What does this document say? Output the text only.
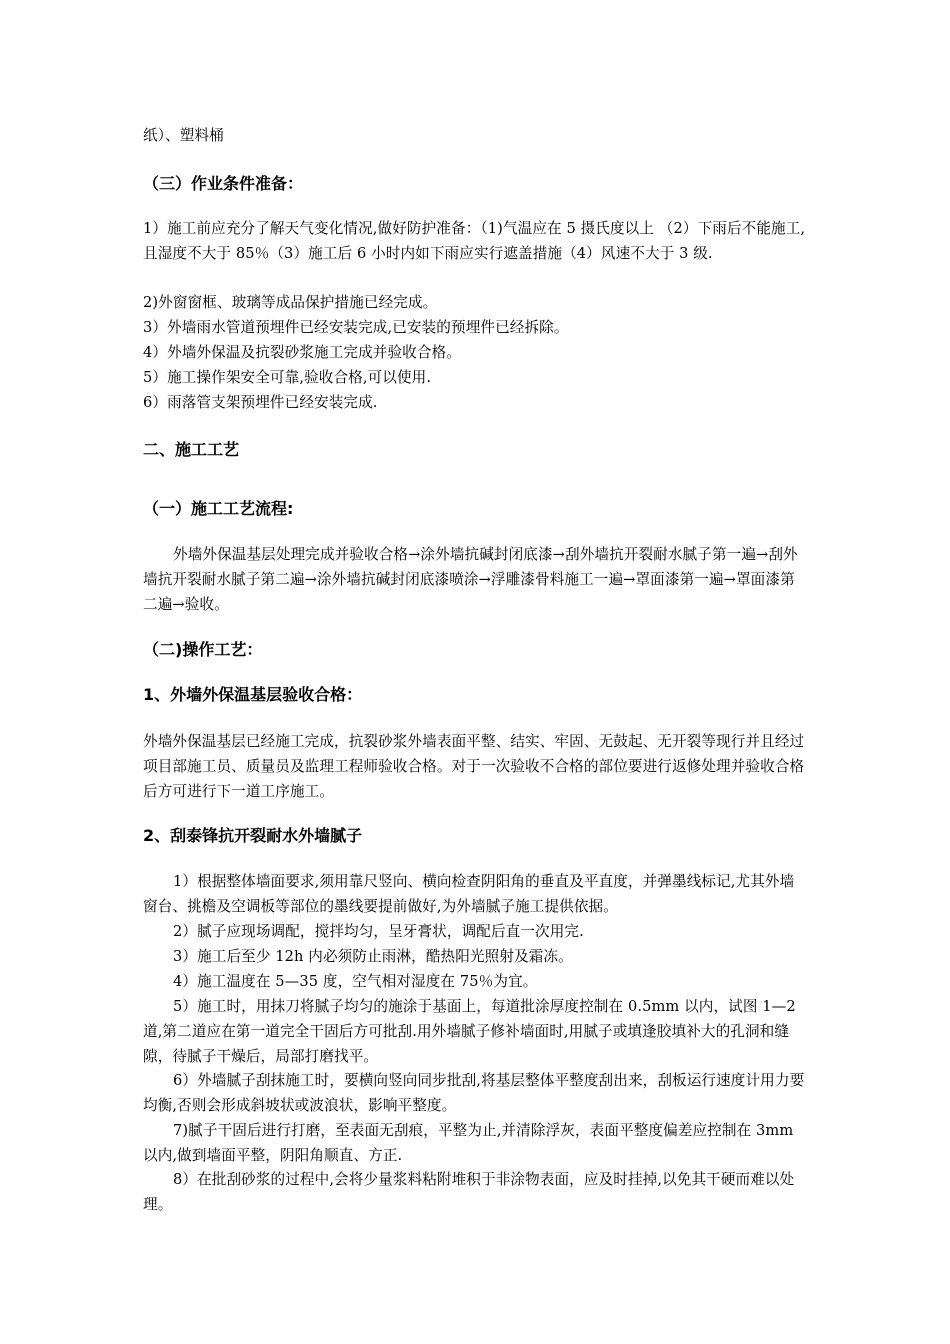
纸）、塑料桶

（三）作业条件准备：

1）施工前应充分了解天气变化情况,做好防护准备：（1)气温应在 5 摄氏度以上 （2）下雨后不能施工,且湿度不大于 85％（3）施工后 6 小时内如下雨应实行遮盖措施（4）风速不大于 3 级.

2)外窗窗框、玻璃等成品保护措施已经完成。

3）外墙雨水管道预埋件已经安装完成,已安装的预埋件已经拆除。

4）外墙外保温及抗裂砂浆施工完成并验收合格。

5）施工操作架安全可靠,验收合格,可以使用.

6）雨落管支架预埋件已经安装完成.

二、施工工艺

（一）施工工艺流程:

外墙外保温基层处理完成并验收合格→涂外墙抗碱封闭底漆→刮外墙抗开裂耐水腻子第一遍→刮外墙抗开裂耐水腻子第二遍→涂外墙抗碱封闭底漆喷涂→浮雕漆骨料施工一遍→罩面漆第一遍→罩面漆第二遍→验收。

（二)操作工艺：

1、外墙外保温基层验收合格：

外墙外保温基层已经施工完成，抗裂砂浆外墙表面平整、结实、牢固、无鼓起、无开裂等现行并且经过项目部施工员、质量员及监理工程师验收合格。对于一次验收不合格的部位要进行返修处理并验收合格后方可进行下一道工序施工。

2、刮泰锋抗开裂耐水外墙腻子

1）根据整体墙面要求,须用靠尺竖向、横向检查阴阳角的垂直及平直度，并弹墨线标记,尤其外墙窗台、挑檐及空调板等部位的墨线要提前做好,为外墙腻子施工提供依据。

2）腻子应现场调配，搅拌均匀，呈牙膏状，调配后直一次用完.

3）施工后至少 12h 内必须防止雨淋，酷热阳光照射及霜冻。

4）施工温度在 5—35 度，空气相对湿度在 75％为宜。

5）施工时，用抹刀将腻子均匀的施涂于基面上，每道批涂厚度控制在 0.5mm 以内，试图 1—2 道,第二道应在第一道完全干固后方可批刮.用外墙腻子修补墙面时,用腻子或填逢胶填补大的孔洞和缝隙，待腻子干燥后，局部打磨找平。

6）外墙腻子刮抹施工时，要横向竖向同步批刮,将基层整体平整度刮出来，刮板运行速度计用力要均衡,否则会形成斜坡状或波浪状，影响平整度。

7)腻子干固后进行打磨，至表面无刮痕，平整为止,并清除浮灰，表面平整度偏差应控制在 3mm 以内,做到墙面平整，阴阳角顺直、方正.

8）在批刮砂浆的过程中,会将少量浆料粘附堆积于非涂物表面，应及时挂掉,以免其干硬而难以处理。
